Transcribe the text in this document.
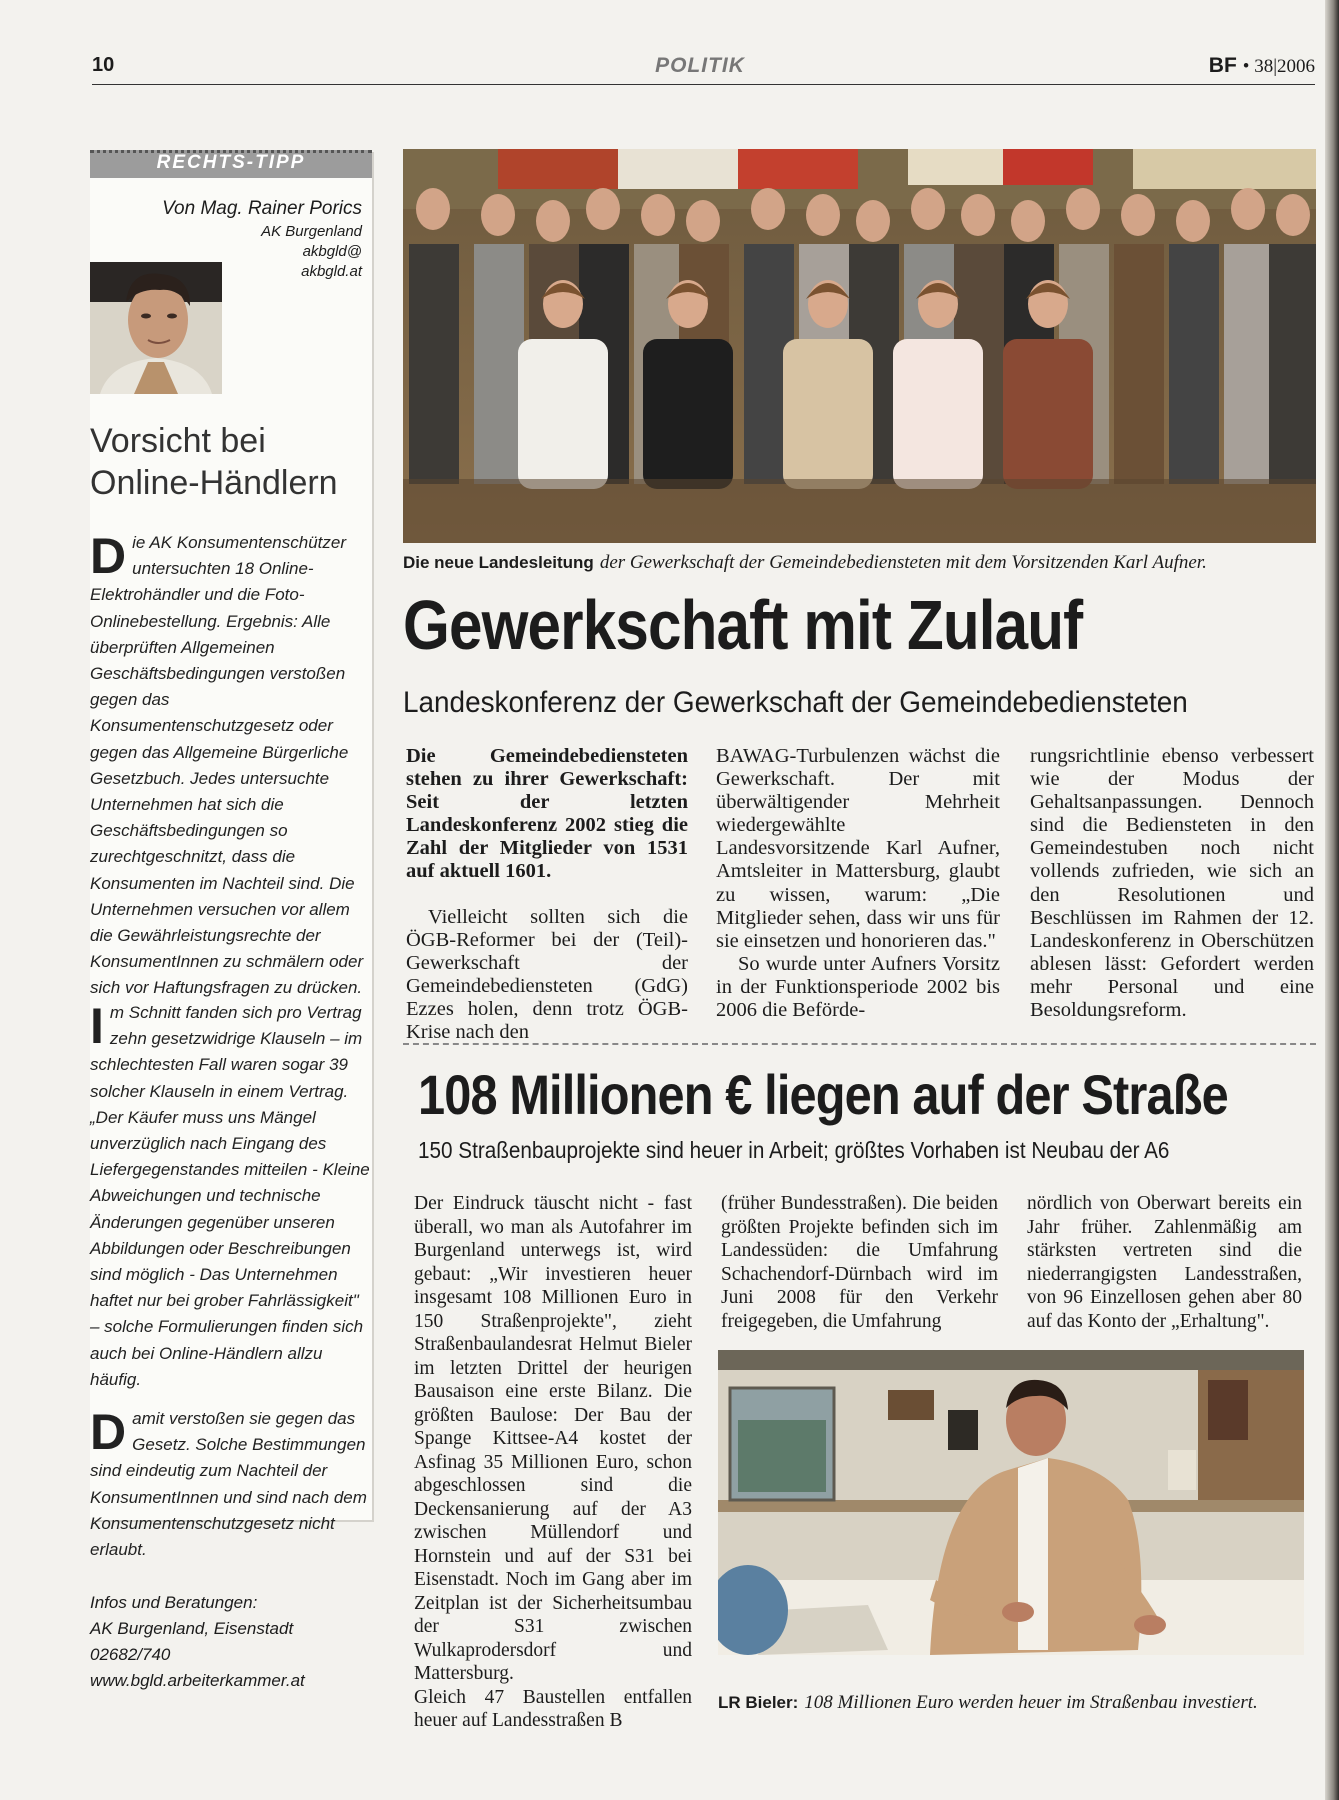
10	POLITIK	BF • 38|2006
RECHTS-TIPP
Von Mag. Rainer Porics
AK Burgenland
akbgld@
akbgld.at
Vorsicht bei
Online-Händlern
Die AK Konsumentenschützer untersuchten 18 Online-Elektrohändler und die Foto-Onlinebestellung. Ergebnis: Alle überprüften Allgemeinen Geschäftsbedingungen verstoßen gegen das Konsumentenschutzgesetz oder gegen das Allgemeine Bürgerliche Gesetzbuch. Jedes untersuchte Unternehmen hat sich die Geschäftsbedingungen so zurechtgeschnitzt, dass die Konsumenten im Nachteil sind. Die Unternehmen versuchen vor allem die Gewährleistungsrechte der KonsumentInnen zu schmälern oder sich vor Haftungsfragen zu drücken.
Im Schnitt fanden sich pro Vertrag zehn gesetzwidrige Klauseln – im schlechtesten Fall waren sogar 39 solcher Klauseln in einem Vertrag. „Der Käufer muss uns Mängel unverzüglich nach Eingang des Liefergegenstandes mitteilen - Kleine Abweichungen und technische Änderungen gegenüber unseren Abbildungen oder Beschreibungen sind möglich - Das Unternehmen haftet nur bei grober Fahrlässigkeit" – solche Formulierungen finden sich auch bei Online-Händlern allzu häufig.
Damit verstoßen sie gegen das Gesetz. Solche Bestimmungen sind eindeutig zum Nachteil der KonsumentInnen und sind nach dem Konsumentenschutzgesetz nicht erlaubt.
Infos und Beratungen:
AK Burgenland, Eisenstadt
02682/740
www.bgld.arbeiterkammer.at
Die neue Landesleitung der Gewerkschaft der Gemeindebediensteten mit dem Vorsitzenden Karl Aufner.
Gewerkschaft mit Zulauf
Landeskonferenz der Gewerkschaft der Gemeindebediensteten
Die Gemeindebediensteten stehen zu ihrer Gewerkschaft: Seit der letzten Landeskonferenz 2002 stieg die Zahl der Mitglieder von 1531 auf aktuell 1601.

Vielleicht sollten sich die ÖGB-Reformer bei der (Teil)-Gewerkschaft der Gemeindebediensteten (GdG) Ezzes holen, denn trotz ÖGB-Krise nach den

BAWAG-Turbulenzen wächst die Gewerkschaft. Der mit überwältigender Mehrheit wiedergewählte Landesvorsitzende Karl Aufner, Amtsleiter in Mattersburg, glaubt zu wissen, warum: „Die Mitglieder sehen, dass wir uns für sie einsetzen und honorieren das."

So wurde unter Aufners Vorsitz in der Funktionsperiode 2002 bis 2006 die Beförde-

rungsrichtlinie ebenso verbessert wie der Modus der Gehaltsanpassungen. Dennoch sind die Bediensteten in den Gemeindestuben noch nicht vollends zufrieden, wie sich an den Resolutionen und Beschlüssen im Rahmen der 12. Landeskonferenz in Oberschützen ablesen lässt: Gefordert werden mehr Personal und eine Besoldungsreform.

108 Millionen € liegen auf der Straße
150 Straßenbauprojekte sind heuer in Arbeit; größtes Vorhaben ist Neubau der A6

Der Eindruck täuscht nicht - fast überall, wo man als Autofahrer im Burgenland unterwegs ist, wird gebaut: „Wir investieren heuer insgesamt 108 Millionen Euro in 150 Straßenprojekte", zieht Straßenbaulandesrat Helmut Bieler im letzten Drittel der heurigen Bausaison eine erste Bilanz. Die größten Baulose: Der Bau der Spange Kittsee-A4 kostet der Asfinag 35 Millionen Euro, schon abgeschlossen sind die Deckensanierung auf der A3 zwischen Müllendorf und Hornstein und auf der S31 bei Eisenstadt. Noch im Gang aber im Zeitplan ist der Sicherheitsumbau der S31 zwischen Wulkaprodersdorf und Mattersburg.

Gleich 47 Baustellen entfallen heuer auf Landesstraßen B

(früher Bundesstraßen). Die beiden größten Projekte befinden sich im Landessüden: die Umfahrung Schachendorf-Dürnbach wird im Juni 2008 für den Verkehr freigegeben, die Umfahrung

nördlich von Oberwart bereits ein Jahr früher. Zahlenmäßig am stärksten vertreten sind die niederrangigsten Landesstraßen, von 96 Einzellosen gehen aber 80 auf das Konto der „Erhaltung".

LR Bieler: 108 Millionen Euro werden heuer im Straßenbau investiert.
